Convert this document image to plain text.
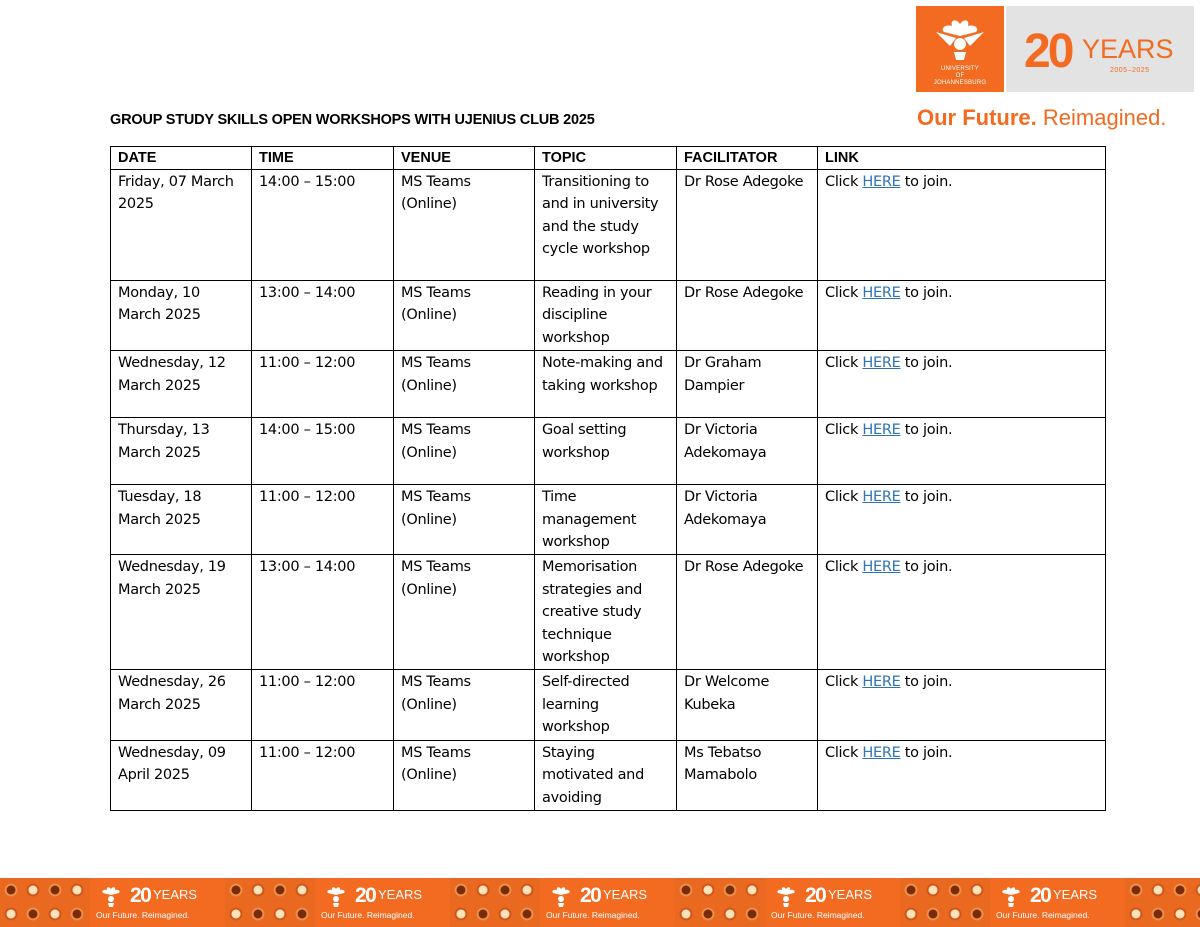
UNIVERSITY
OF
JOHANNESBURG
20 YEARS
2005–2025
Our Future. Reimagined.
GROUP STUDY SKILLS OPEN WORKSHOPS WITH UJENIUS CLUB 2025
DATE	TIME	VENUE	TOPIC	FACILITATOR	LINK
Friday, 07 March 2025	14:00 – 15:00	MS Teams (Online)	Transitioning to and in university and the study cycle workshop	Dr Rose Adegoke	Click HERE to join.
Monday, 10 March 2025	13:00 – 14:00	MS Teams (Online)	Reading in your discipline workshop	Dr Rose Adegoke	Click HERE to join.
Wednesday, 12 March 2025	11:00 – 12:00	MS Teams (Online)	Note-making and taking workshop	Dr Graham Dampier	Click HERE to join.
Thursday, 13 March 2025	14:00 – 15:00	MS Teams (Online)	Goal setting workshop	Dr Victoria Adekomaya	Click HERE to join.
Tuesday, 18 March 2025	11:00 – 12:00	MS Teams (Online)	Time management workshop	Dr Victoria Adekomaya	Click HERE to join.
Wednesday, 19 March 2025	13:00 – 14:00	MS Teams (Online)	Memorisation strategies and creative study technique workshop	Dr Rose Adegoke	Click HERE to join.
Wednesday, 26 March 2025	11:00 – 12:00	MS Teams (Online)	Self-directed learning workshop	Dr Welcome Kubeka	Click HERE to join.
Wednesday, 09 April 2025	11:00 – 12:00	MS Teams (Online)	Staying motivated and avoiding	Ms Tebatso Mamabolo	Click HERE to join.
20 YEARS
Our Future. Reimagined.
20 YEARS
Our Future. Reimagined.
20 YEARS
Our Future. Reimagined.
20 YEARS
Our Future. Reimagined.
20 YEARS
Our Future. Reimagined.
